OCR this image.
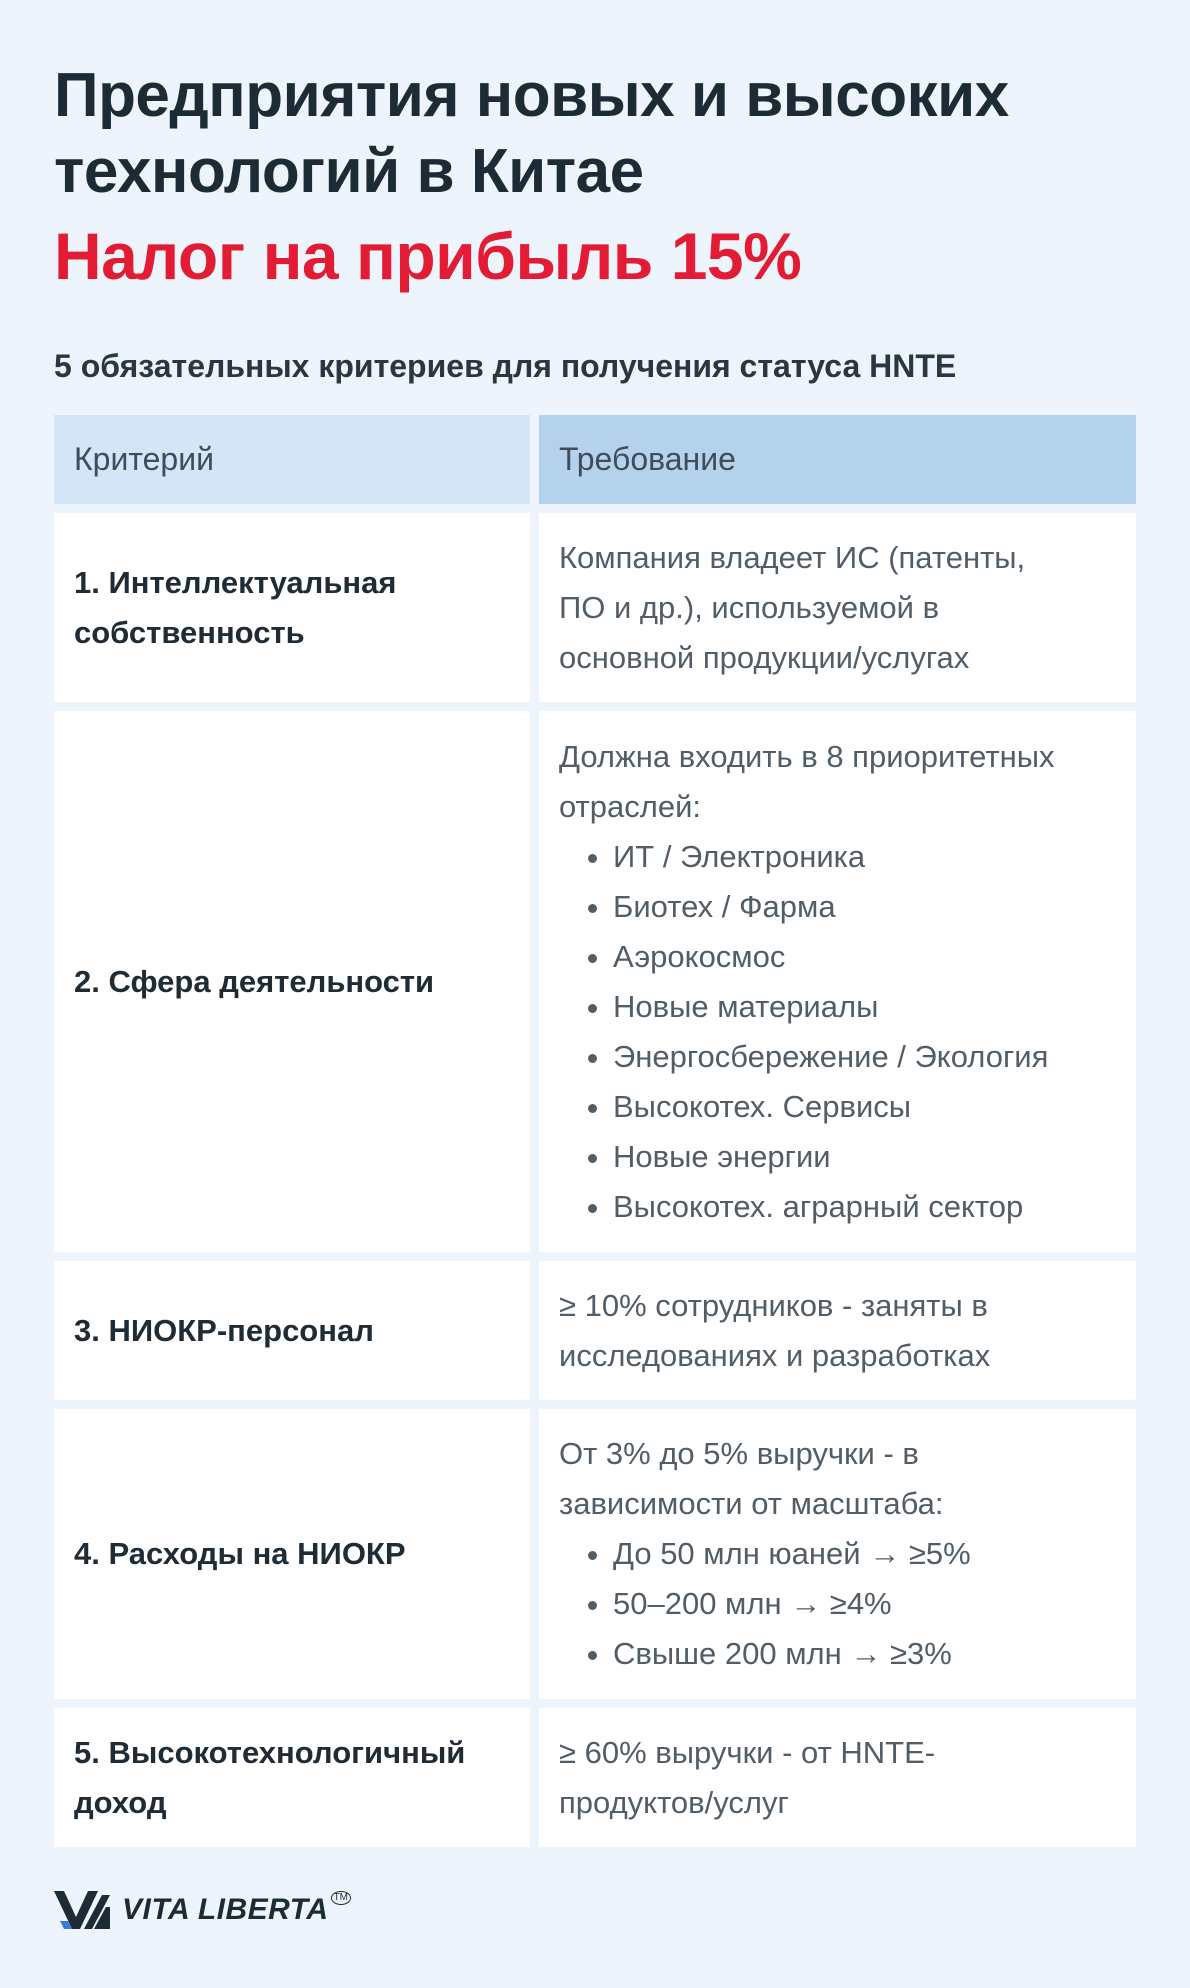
Предприятия новых и высоких
технологий в Китае
Налог на прибыль 15%
5 обязательных критериев для получения статуса HNTE
Критерий	Требование
1. Интеллектуальная
собственность
Компания владеет ИС (патенты,
ПО и др.), используемой в
основной продукции/услугах
2. Сфера деятельности
Должна входить в 8 приоритетных
отраслей:
• ИТ / Электроника
• Биотех / Фарма
• Аэрокосмос
• Новые материалы
• Энергосбережение / Экология
• Высокотех. Сервисы
• Новые энергии
• Высокотех. аграрный сектор
3. НИОКР-персонал
≥ 10% сотрудников - заняты в
исследованиях и разработках
4. Расходы на НИОКР
От 3% до 5% выручки - в
зависимости от масштаба:
• До 50 млн юаней → ≥5%
• 50–200 млн → ≥4%
• Свыше 200 млн → ≥3%
5. Высокотехнологичный
доход
≥ 60% выручки - от HNTE-
продуктов/услуг
VITA LIBERTA TM
